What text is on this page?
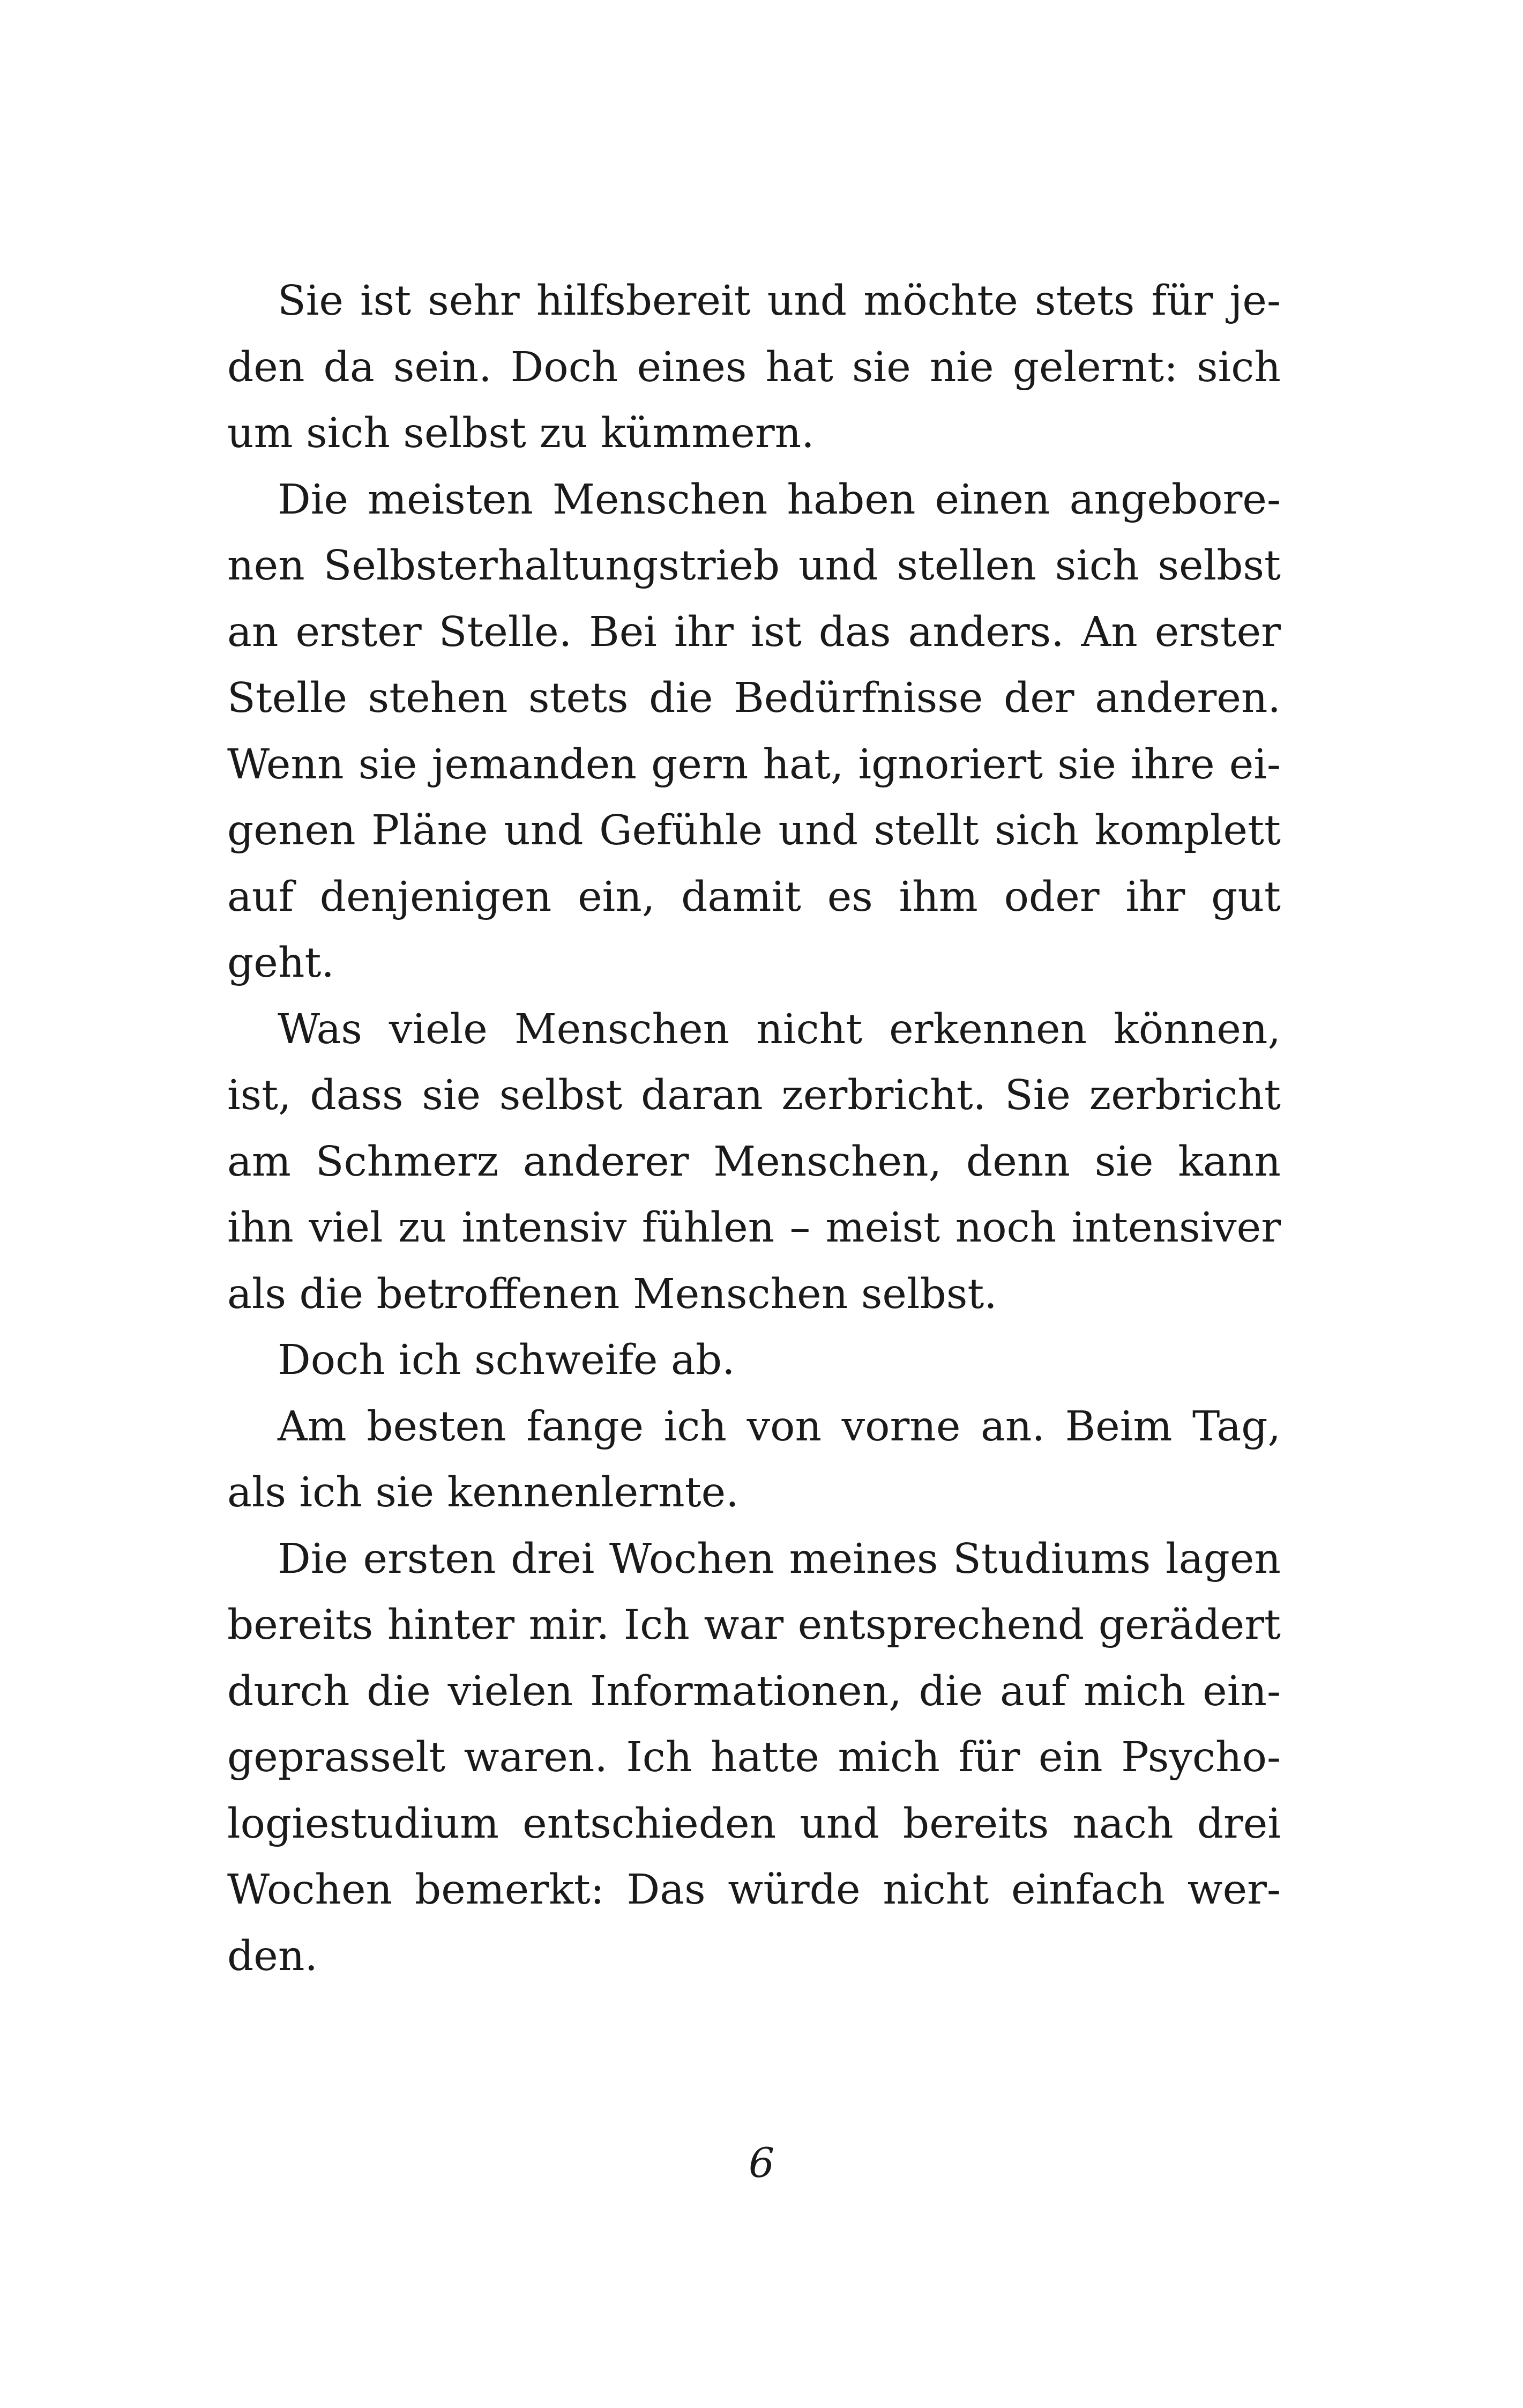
Sie ist sehr hilfsbereit und möchte stets für je-
den da sein. Doch eines hat sie nie gelernt: sich
um sich selbst zu kümmern.
Die meisten Menschen haben einen angebore-
nen Selbsterhaltungstrieb und stellen sich selbst
an erster Stelle. Bei ihr ist das anders. An erster
Stelle stehen stets die Bedürfnisse der anderen.
Wenn sie jemanden gern hat, ignoriert sie ihre ei-
genen Pläne und Gefühle und stellt sich komplett
auf denjenigen ein, damit es ihm oder ihr gut
geht.
Was viele Menschen nicht erkennen können,
ist, dass sie selbst daran zerbricht. Sie zerbricht
am Schmerz anderer Menschen, denn sie kann
ihn viel zu intensiv fühlen – meist noch intensiver
als die betroffenen Menschen selbst.
Doch ich schweife ab.
Am besten fange ich von vorne an. Beim Tag,
als ich sie kennenlernte.
Die ersten drei Wochen meines Studiums lagen
bereits hinter mir. Ich war entsprechend gerädert
durch die vielen Informationen, die auf mich ein-
geprasselt waren. Ich hatte mich für ein Psycho-
logiestudium entschieden und bereits nach drei
Wochen bemerkt: Das würde nicht einfach wer-
den.
6
